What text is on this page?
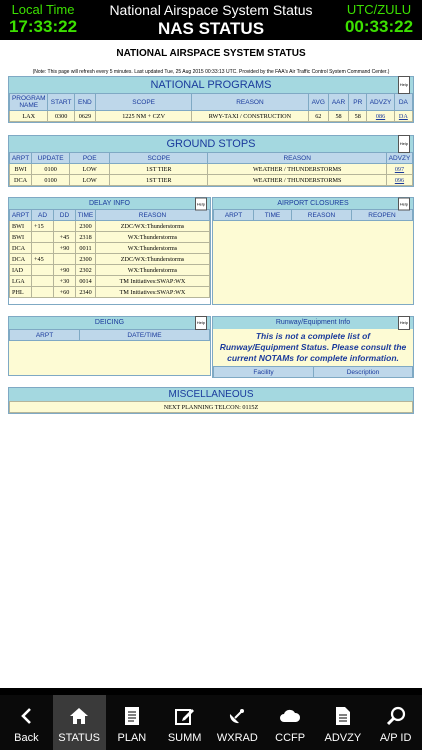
Local Time
17:33:22
National Airspace System Status
NAS STATUS
UTC/ZULU
00:33:22
NATIONAL AIRSPACE SYSTEM STATUS
(Note: This page will refresh every 5 minutes. Last updated Tue, 25 Aug 2015 00:33:13 UTC. Provided by the FAA's Air Traffic Control System Command Center.)
NATIONAL PROGRAMS	Help
PROGRAM NAME	START	END	SCOPE	REASON	AVG	AAR	PR	ADVZY	DA
LAX	0300	0629	1225 NM + CZV	RWY-TAXI / CONSTRUCTION	62	58	58	086	DA
GROUND STOPS	Help
ARPT	UPDATE	POE	SCOPE	REASON	ADVZY
BWI	0100	LOW	1ST TIER	WEATHER / THUNDERSTORMS	097
DCA	0100	LOW	1ST TIER	WEATHER / THUNDERSTORMS	096
DELAY INFO	Help
ARPT	AD	DD	TIME	REASON
BWI	+15		2300	ZDC/WX:Thunderstorms
BWI		+45	2318	WX:Thunderstorms
DCA		+90	0011	WX:Thunderstorms
DCA	+45		2300	ZDC/WX:Thunderstorms
IAD		+90	2302	WX:Thunderstorms
LGA		+30	0014	TM Initiatives:SWAP:WX
PHL		+60	2340	TM Initiatives:SWAP:WX
AIRPORT CLOSURES	Help
ARPT	TIME	REASON	REOPEN
DEICING	Help
ARPT	DATE/TIME
Runway/Equipment Info	Help
This is not a complete list of Runway/Equipment Status. Please consult the current NOTAMs for complete information.
Facility	Description
MISCELLANEOUS
NEXT PLANNING TELCON: 0115Z
Back	STATUS	PLAN	SUMM	WXRAD	CCFP	ADVZY	A/P ID
